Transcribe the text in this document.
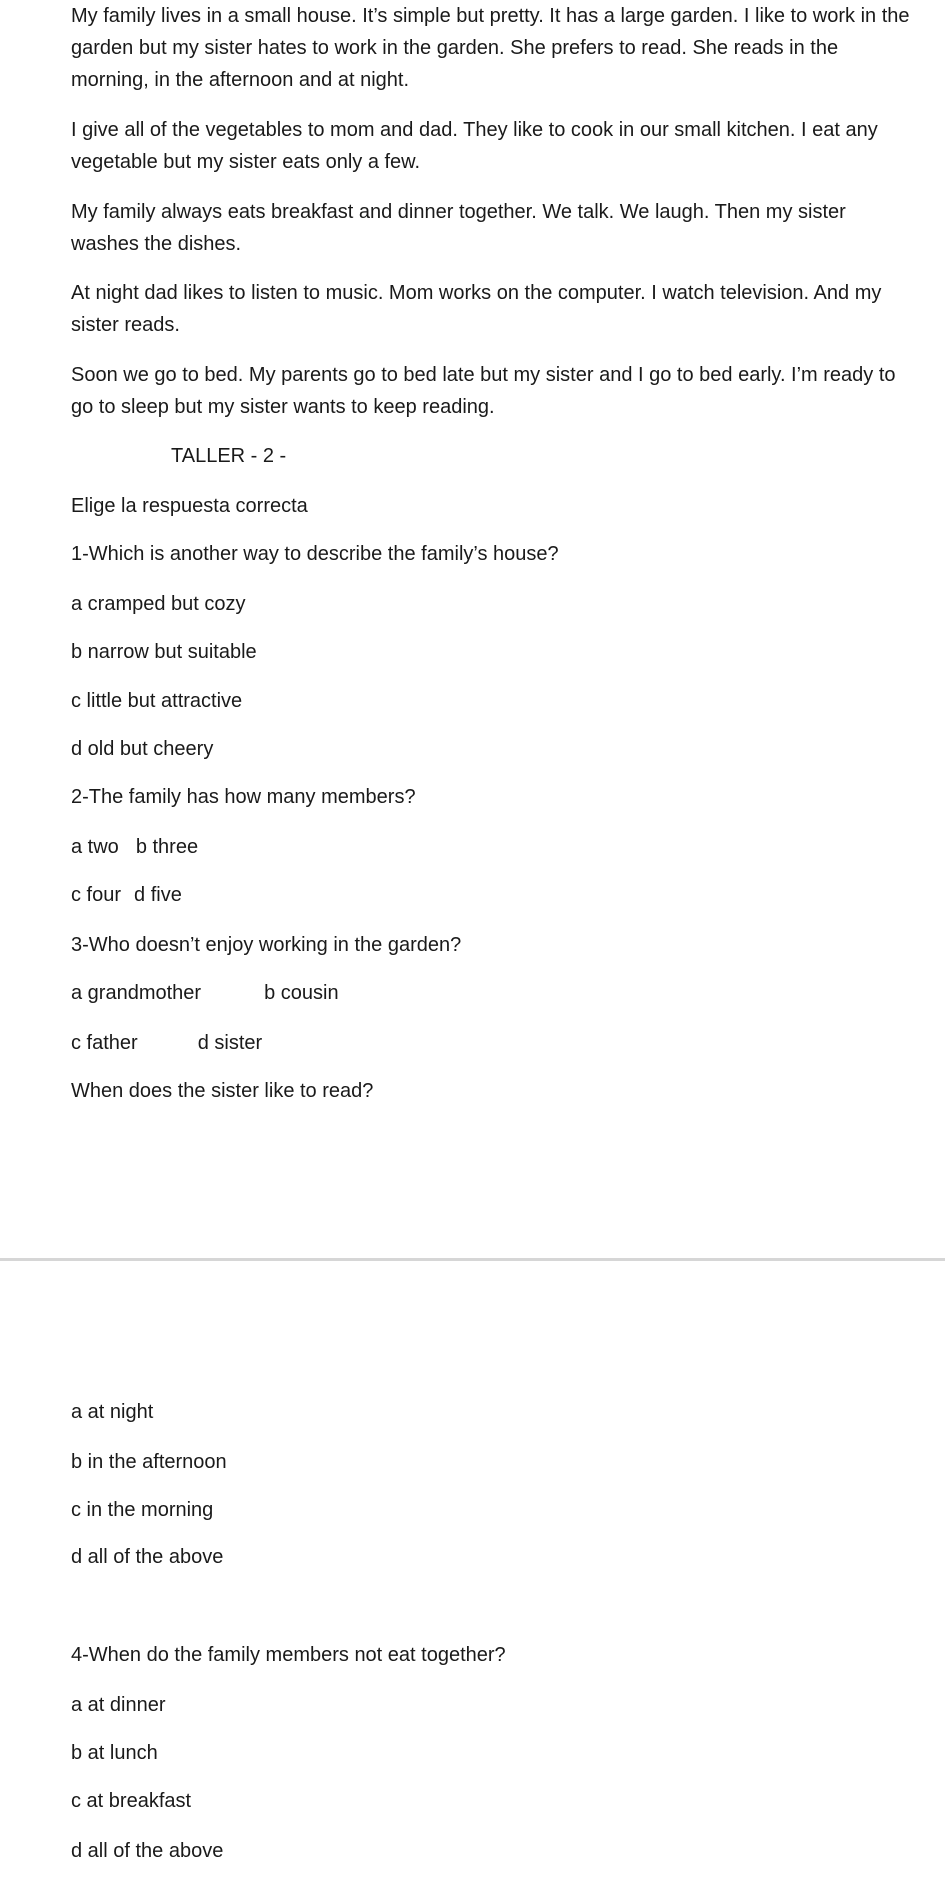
My family lives in a small house. It’s simple but pretty. It has a large garden. I like to work in the garden but my sister hates to work in the garden. She prefers to read. She reads in the morning, in the afternoon and at night.

I give all of the vegetables to mom and dad. They like to cook in our small kitchen. I eat any vegetable but my sister eats only a few.

My family always eats breakfast and dinner together. We talk. We laugh. Then my sister washes the dishes.

At night dad likes to listen to music. Mom works on the computer. I watch television. And my sister reads.

Soon we go to bed. My parents go to bed late but my sister and I go to bed early. I’m ready to go to sleep but my sister wants to keep reading.

TALLER - 2 -

Elige la respuesta correcta

1-Which is another way to describe the family’s house?

a cramped but cozy

b narrow but suitable

c little but attractive

d old but cheery

2-The family has how many members?

a two b three

c four d five

3-Who doesn’t enjoy working in the garden?

a grandmother	b cousin

c father	d sister

When does the sister like to read?

a at night

b in the afternoon

c in the morning

d all of the above

4-When do the family members not eat together?

a at dinner

b at lunch

c at breakfast

d all of the above
